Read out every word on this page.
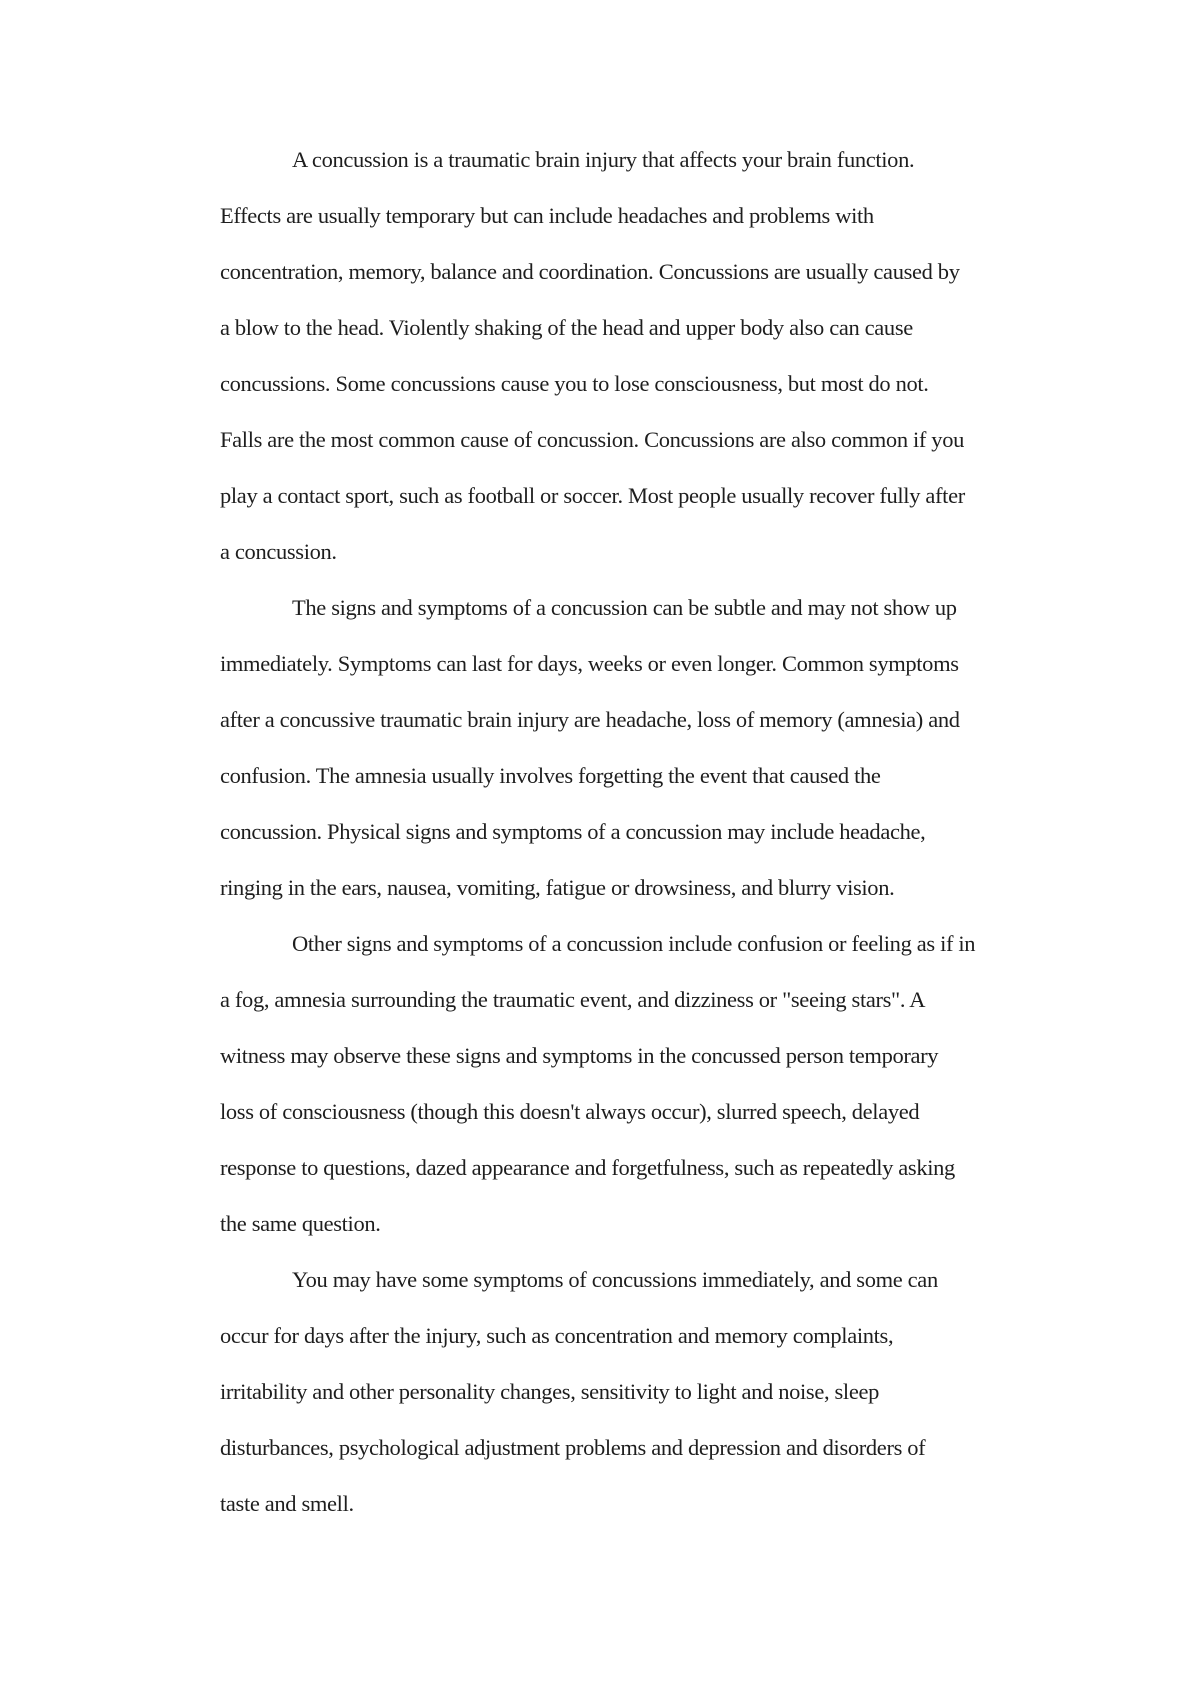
A concussion is a traumatic brain injury that affects your brain function.
Effects are usually temporary but can include headaches and problems with
concentration, memory, balance and coordination. Concussions are usually caused by
a blow to the head. Violently shaking of the head and upper body also can cause
concussions. Some concussions cause you to lose consciousness, but most do not.
Falls are the most common cause of concussion. Concussions are also common if you
play a contact sport, such as football or soccer. Most people usually recover fully after
a concussion.
The signs and symptoms of a concussion can be subtle and may not show up
immediately. Symptoms can last for days, weeks or even longer. Common symptoms
after a concussive traumatic brain injury are headache, loss of memory (amnesia) and
confusion. The amnesia usually involves forgetting the event that caused the
concussion. Physical signs and symptoms of a concussion may include headache,
ringing in the ears, nausea, vomiting, fatigue or drowsiness, and blurry vision.
Other signs and symptoms of a concussion include confusion or feeling as if in
a fog, amnesia surrounding the traumatic event, and dizziness or "seeing stars". A
witness may observe these signs and symptoms in the concussed person temporary
loss of consciousness (though this doesn't always occur), slurred speech, delayed
response to questions, dazed appearance and forgetfulness, such as repeatedly asking
the same question.
You may have some symptoms of concussions immediately, and some can
occur for days after the injury, such as concentration and memory complaints,
irritability and other personality changes, sensitivity to light and noise, sleep
disturbances, psychological adjustment problems and depression and disorders of
taste and smell.
